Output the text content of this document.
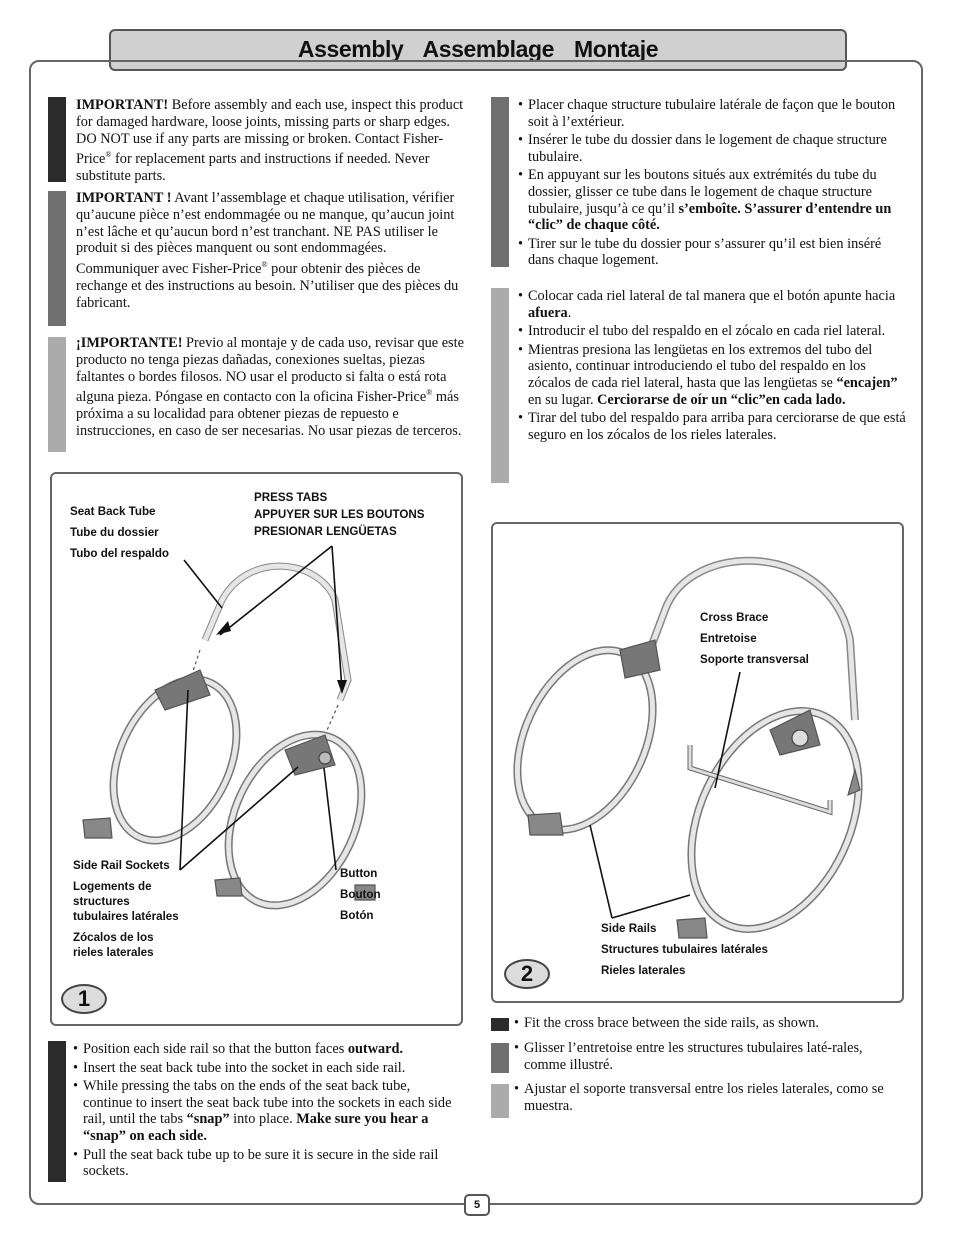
Assembly Assemblage Montaje
IMPORTANT! Before assembly and each use, inspect this product for damaged hardware, loose joints, missing parts or sharp edges. DO NOT use if any parts are missing or broken. Contact Fisher-Price® for replacement parts and instructions if needed. Never substitute parts.
IMPORTANT ! Avant l’assemblage et chaque utilisation, vérifier qu’aucune pièce n’est endommagée ou ne manque, qu’aucun joint n’est lâche et qu’aucun bord n’est tranchant. NE PAS utiliser le produit si des pièces manquent ou sont endommagées. Communiquer avec Fisher-Price® pour obtenir des pièces de rechange et des instructions au besoin. N’utiliser que des pièces du fabricant.
¡IMPORTANTE! Previo al montaje y de cada uso, revisar que este producto no tenga piezas dañadas, conexiones sueltas, piezas faltantes o bordes filosos. NO usar el producto si falta o está rota alguna pieza. Póngase en contacto con la oficina Fisher-Price® más próxima a su localidad para obtener piezas de repuesto e instrucciones, en caso de ser necesarias. No usar piezas de terceros.
• Placer chaque structure tubulaire latérale de façon que le bouton soit à l’extérieur.
• Insérer le tube du dossier dans le logement de chaque structure tubulaire.
• En appuyant sur les boutons situés aux extrémités du tube du dossier, glisser ce tube dans le logement de chaque structure tubulaire, jusqu’à ce qu’il s’emboîte. S’assurer d’entendre un “clic” de chaque côté.
• Tirer sur le tube du dossier pour s’assurer qu’il est bien inséré dans chaque logement.
• Colocar cada riel lateral de tal manera que el botón apunte hacia afuera.
• Introducir el tubo del respaldo en el zócalo en cada riel lateral.
• Mientras presiona las lengüetas en los extremos del tubo del asiento, continuar introduciendo el tubo del respaldo en los zócalos de cada riel lateral, hasta que las lengüetas se “encajen” en su lugar. Cerciorarse de oír un “clic”en cada lado.
• Tirar del tubo del respaldo para arriba para cerciorarse de que está seguro en los zócalos de los rieles laterales.
Seat Back Tube
Tube du dossier
Tubo del respaldo
PRESS TABS
APPUYER SUR LES BOUTONS
PRESIONAR LENGÜETAS
Side Rail Sockets
Logements de
structures
tubulaires latérales
Zócalos de los
rieles laterales
Button
Bouton
Botón
1
• Position each side rail so that the button faces outward.
• Insert the seat back tube into the socket in each side rail.
• While pressing the tabs on the ends of the seat back tube, continue to insert the seat back tube into the sockets in each side rail, until the tabs “snap” into place. Make sure you hear a “snap” on each side.
• Pull the seat back tube up to be sure it is secure in the side rail sockets.
Cross Brace
Entretoise
Soporte transversal
Side Rails
Structures tubulaires latérales
Rieles laterales
2
• Fit the cross brace between the side rails, as shown.
• Glisser l’entretoise entre les structures tubulaires laté-rales, comme illustré.
• Ajustar el soporte transversal entre los rieles laterales, como se muestra.
5
